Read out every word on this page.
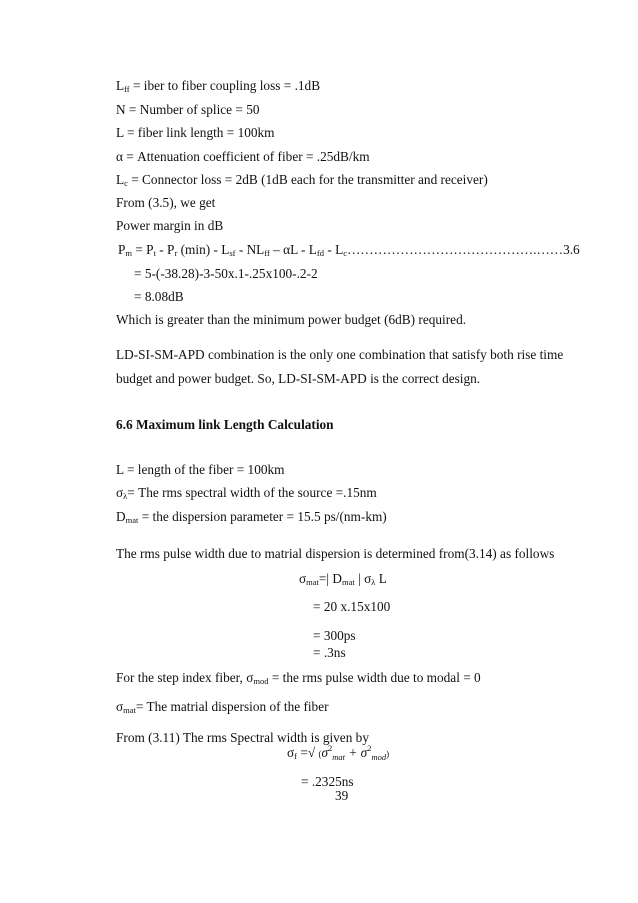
$L_{ff}$ = iber to fiber coupling loss = .1dB
N = Number of splice = 50
L = fiber link length = 100km
α = Attenuation coefficient of fiber = .25dB/km
$L_c$ = Connector loss = 2dB (1dB each for the transmitter and receiver)
From (3.5), we get
Power margin in dB
$P_m = P_t - P_r$ $(\min) - L_{sf} - NL_{ff}$ – αL - $L_{fd}$ - $L_c\dots\dots\dots\dots\dots\dots\dots\dots\dots\dots\dots\dots\dots\dots.\dots\dots 3.6$
= 5-(-38.28)-3-50x.1-.25x100-.2-2
= 8.08dB
Which is greater than the minimum power budget (6dB) required.
LD-SI-SM-APD combination is the only one combination that satisfy both rise time
budget and power budget. So, LD-SI-SM-APD is the correct design.
6.6 Maximum link Length Calculation
L = length of the fiber = 100km
$\sigma_\lambda=$ The rms spectral width of the source =.15nm
$D_{mat}$ = the dispersion parameter = 15.5 ps/(nm-km)
The rms pulse width due to matrial dispersion is determined from(3.14) as follows
$\sigma_{mat}=|$ $D_{mat}$ | $\sigma_\lambda$ L
= 20 x.15x100
= 300ps
= .3ns
For the step index fiber, $\sigma_{mod}$ = the rms pulse width due to modal = 0
$\sigma_{mat}=$ The matrial dispersion of the fiber
From (3.11) The rms Spectral width is given by
$\sigma_f$ =√ $(\sigma^2_{mat} + \sigma^2_{mod})$
= .2325ns
39
